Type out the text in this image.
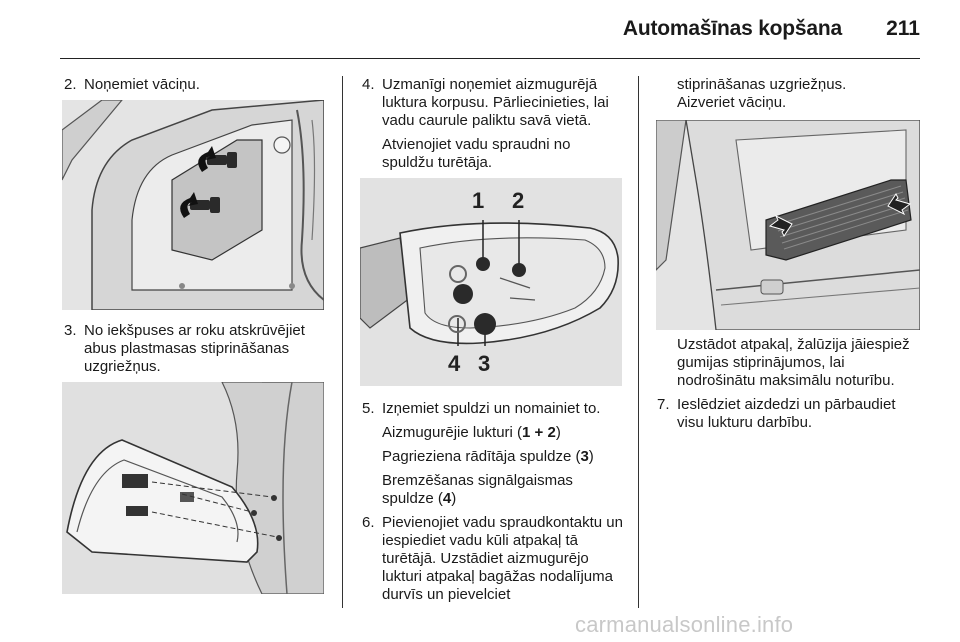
Automašīnas kopšana 211
2. Noņemiet vāciņu.
3. No iekšpuses ar roku atskrūvējiet abus plastmasas stiprināšanas uzgriežņus.
4. Uzmanīgi noņemiet aizmugurējā luktura korpusu. Pārliecinieties, lai vadu caurule paliktu savā vietā.
Atvienojiet vadu spraudni no spuldžu turētāja.
1 2
4 3
5. Izņemiet spuldzi un nomainiet to.
Aizmugurējie lukturi (1 + 2)
Pagrieziena rādītāja spuldze (3)
Bremzēšanas signālgaismas spuldze (4)
6. Pievienojiet vadu spraudkontaktu un iespiediet vadu kūli atpakaļ tā turētājā. Uzstādiet aizmugurējo lukturi atpakaļ bagāžas nodalījuma durvīs un pievelciet
stiprināšanas uzgriežņus. Aizveriet vāciņu.
Uzstādot atpakaļ, žalūzija jāiespiež gumijas stiprinājumos, lai nodrošinātu maksimālu noturību.
7. Ieslēdziet aizdedzi un pārbaudiet visu lukturu darbību.
carmanualsonline.info
